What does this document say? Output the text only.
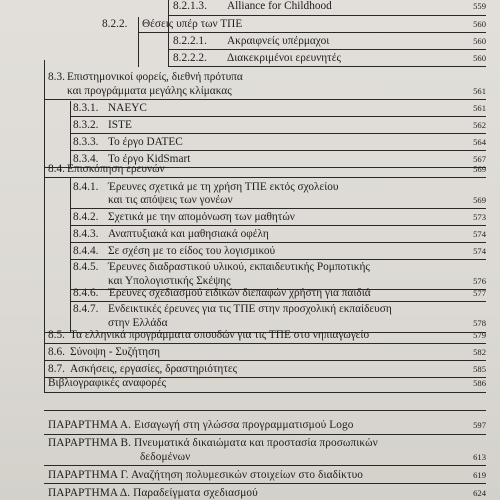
8.2.1.3. Alliance for Childhood	559
8.2.2. Θέσεις υπέρ των ΤΠΕ	560
8.2.2.1. Ακραιφνείς υπέρμαχοι	560
8.2.2.2. Διακεκριμένοι ερευνητές	560
8.3. Επιστημονικοί φορείς, διεθνή πρότυπα
και προγράμματα μεγάλης κλίμακας	561
8.3.1. NAEYC	561
8.3.2. ISTE	562
8.3.3. Το έργο DATEC	564
8.3.4. Το έργο KidSmart	567
8.4. Επισκόπηση ερευνών	569
8.4.1. Έρευνες σχετικά με τη χρήση ΤΠΕ εκτός σχολείου
και τις απόψεις των γονέων	569
8.4.2. Σχετικά με την απομόνωση των μαθητών	573
8.4.3. Αναπτυξιακά και μαθησιακά οφέλη	574
8.4.4. Σε σχέση με το είδος του λογισμικού	574
8.4.5. Έρευνες διαδραστικού υλικού, εκπαιδευτικής Ρομποτικής
και Υπολογιστικής Σκέψης	576
8.4.6. Έρευνες σχεδιασμού ειδικών διεπαφών χρήστη για παιδιά	577
8.4.7. Ενδεικτικές έρευνες για τις ΤΠΕ στην προσχολική εκπαίδευση
στην Ελλάδα	578
8.5. Τα ελληνικά προγράμματα σπουδών για τις ΤΠΕ στο νηπιαγωγείο	579
8.6. Σύνοψη - Συζήτηση	582
8.7. Ασκήσεις, εργασίες, δραστηριότητες	585
Βιβλιογραφικές αναφορές	586
ΠΑΡΑΡΤΗΜΑ Α. Εισαγωγή στη γλώσσα προγραμματισμού Logo	597
ΠΑΡΑΡΤΗΜΑ Β. Πνευματικά δικαιώματα και προστασία προσωπικών
δεδομένων	613
ΠΑΡΑΡΤΗΜΑ Γ. Αναζήτηση πολυμεσικών στοιχείων στο διαδίκτυο	619
ΠΑΡΑΡΤΗΜΑ Δ. Παραδείγματα σχεδιασμού	624
